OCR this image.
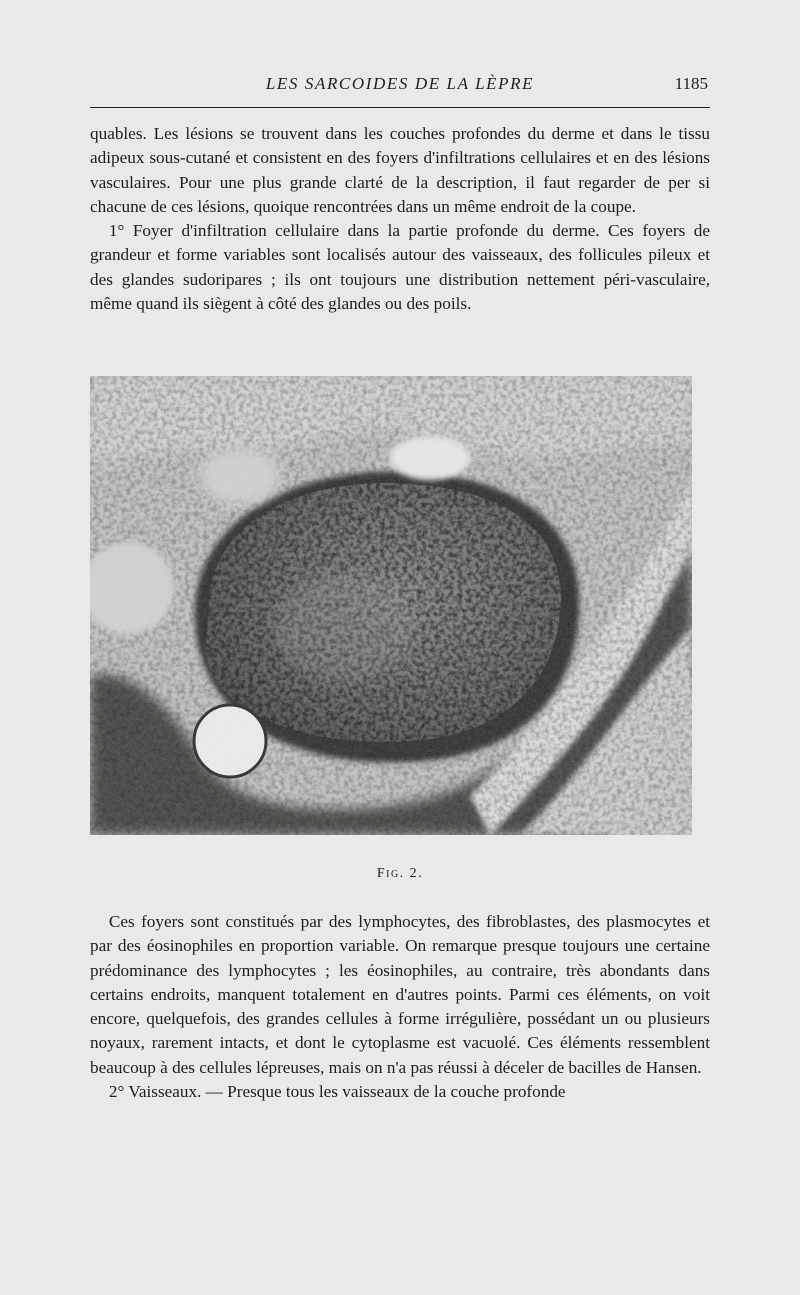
LES SARCOIDES DE LA LÈPRE	1185

quables. Les lésions se trouvent dans les couches profondes du derme et dans le tissu adipeux sous-cutané et consistent en des foyers d'infiltrations cellulaires et en des lésions vasculaires. Pour une plus grande clarté de la description, il faut regarder de per si chacune de ces lésions, quoique rencontrées dans un même endroit de la coupe.

1° Foyer d'infiltration cellulaire dans la partie profonde du derme. Ces foyers de grandeur et forme variables sont localisés autour des vaisseaux, des follicules pileux et des glandes sudoripares ; ils ont toujours une distribution nettement péri-vasculaire, même quand ils siègent à côté des glandes ou des poils.

Fig. 2.

Ces foyers sont constitués par des lymphocytes, des fibroblastes, des plasmocytes et par des éosinophiles en proportion variable. On remarque presque toujours une certaine prédominance des lymphocytes ; les éosinophiles, au contraire, très abondants dans certains endroits, manquent totalement en d'autres points. Parmi ces éléments, on voit encore, quelquefois, des grandes cellules à forme irrégulière, possédant un ou plusieurs noyaux, rarement intacts, et dont le cytoplasme est vacuolé. Ces éléments ressemblent beaucoup à des cellules lépreuses, mais on n'a pas réussi à déceler de bacilles de Hansen.

2° Vaisseaux. — Presque tous les vaisseaux de la couche profonde
